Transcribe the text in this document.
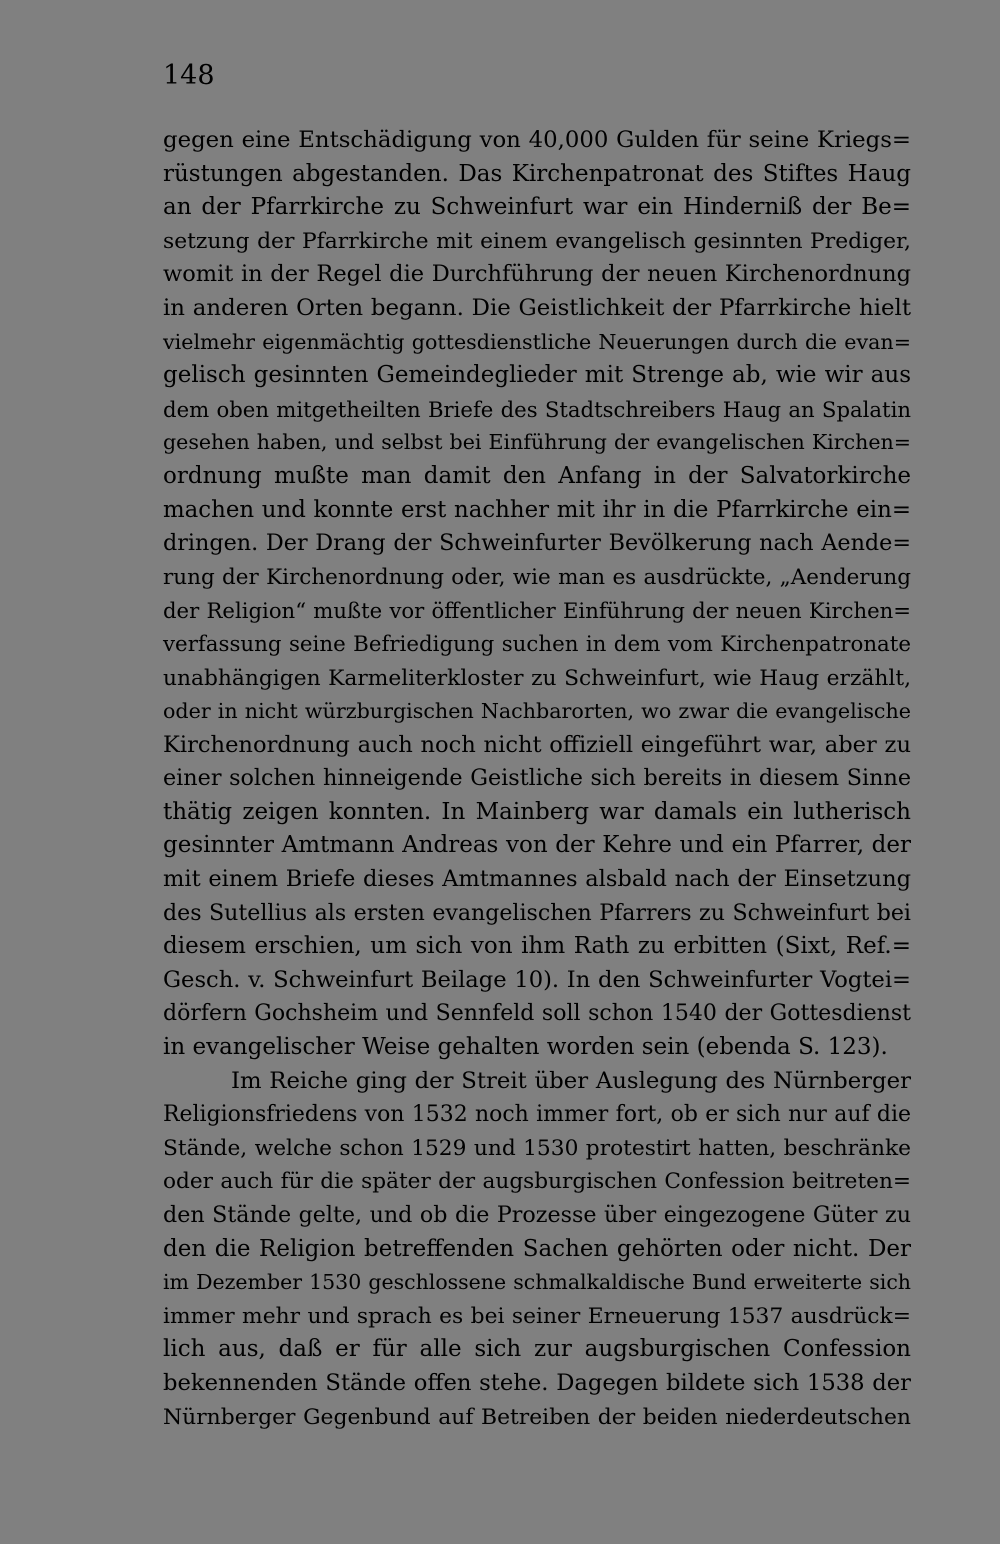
148
gegen eine Entschädigung von 40,000 Gulden für seine Kriegs=
rüstungen abgestanden. Das Kirchenpatronat des Stiftes Haug
an der Pfarrkirche zu Schweinfurt war ein Hinderniß der Be=
setzung der Pfarrkirche mit einem evangelisch gesinnten Prediger,
womit in der Regel die Durchführung der neuen Kirchenordnung
in anderen Orten begann. Die Geistlichkeit der Pfarrkirche hielt
vielmehr eigenmächtig gottesdienstliche Neuerungen durch die evan=
gelisch gesinnten Gemeindeglieder mit Strenge ab, wie wir aus
dem oben mitgetheilten Briefe des Stadtschreibers Haug an Spalatin
gesehen haben, und selbst bei Einführung der evangelischen Kirchen=
ordnung mußte man damit den Anfang in der Salvatorkirche
machen und konnte erst nachher mit ihr in die Pfarrkirche ein=
dringen. Der Drang der Schweinfurter Bevölkerung nach Aende=
rung der Kirchenordnung oder, wie man es ausdrückte, „Aenderung
der Religion“ mußte vor öffentlicher Einführung der neuen Kirchen=
verfassung seine Befriedigung suchen in dem vom Kirchenpatronate
unabhängigen Karmeliterkloster zu Schweinfurt, wie Haug erzählt,
oder in nicht würzburgischen Nachbarorten, wo zwar die evangelische
Kirchenordnung auch noch nicht offiziell eingeführt war, aber zu
einer solchen hinneigende Geistliche sich bereits in diesem Sinne
thätig zeigen konnten. In Mainberg war damals ein lutherisch
gesinnter Amtmann Andreas von der Kehre und ein Pfarrer, der
mit einem Briefe dieses Amtmannes alsbald nach der Einsetzung
des Sutellius als ersten evangelischen Pfarrers zu Schweinfurt bei
diesem erschien, um sich von ihm Rath zu erbitten (Sixt, Ref.=
Gesch. v. Schweinfurt Beilage 10). In den Schweinfurter Vogtei=
dörfern Gochsheim und Sennfeld soll schon 1540 der Gottesdienst
in evangelischer Weise gehalten worden sein (ebenda S. 123).
Im Reiche ging der Streit über Auslegung des Nürnberger
Religionsfriedens von 1532 noch immer fort, ob er sich nur auf die
Stände, welche schon 1529 und 1530 protestirt hatten, beschränke
oder auch für die später der augsburgischen Confession beitreten=
den Stände gelte, und ob die Prozesse über eingezogene Güter zu
den die Religion betreffenden Sachen gehörten oder nicht. Der
im Dezember 1530 geschlossene schmalkaldische Bund erweiterte sich
immer mehr und sprach es bei seiner Erneuerung 1537 ausdrück=
lich aus, daß er für alle sich zur augsburgischen Confession
bekennenden Stände offen stehe. Dagegen bildete sich 1538 der
Nürnberger Gegenbund auf Betreiben der beiden niederdeutschen
